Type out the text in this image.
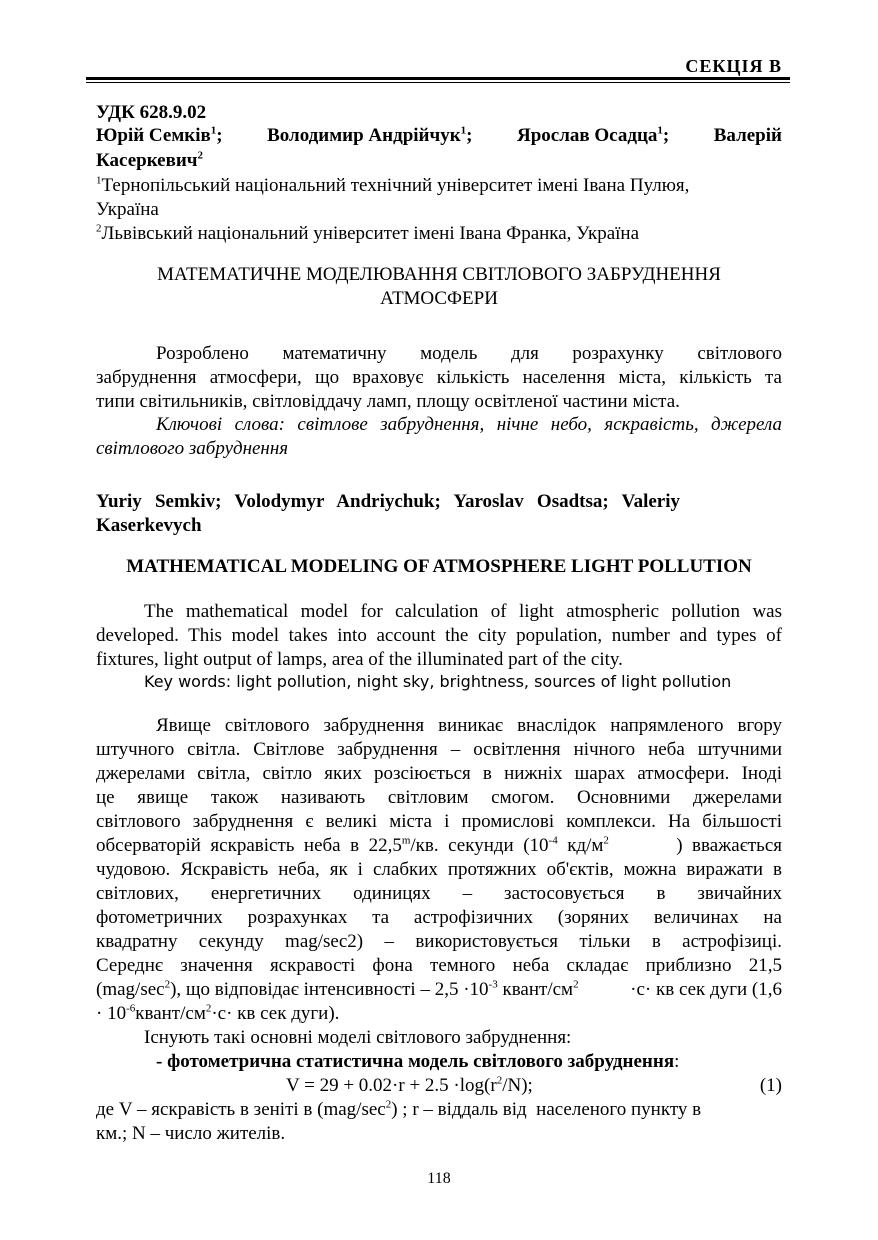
СЕКЦІЯ В
УДК 628.9.02
Юрій Семків$^1$; Володимир Андрійчук$^1$; Ярослав Осадца$^1$; Валерій
Касеркевич$^2$
$^1$Тернопільський національний технічний університет імені Івана Пулюя,
Україна
$^2$Львівський національний університет імені Івана Франка, Україна
МАТЕМАТИЧНЕ МОДЕЛЮВАННЯ СВІТЛОВОГО ЗАБРУДНЕННЯ
АТМОСФЕРИ
Розроблено математичну модель для розрахунку світлового
забруднення атмосфери, що враховує кількість населення міста, кількість та
типи світильників, світловіддачу ламп, площу освітленої частини міста.
Ключові слова: світлове забруднення, нічне небо, яскравість, джерела
світлового забруднення
Yuriy Semkiv; Volodymyr Andriychuk; Yaroslav Osadtsa; Valeriy
Kaserkevych
MATHEMATICAL MODELING OF ATMOSPHERE LIGHT POLLUTION
The mathematical model for calculation of light atmospheric pollution was
developed. This model takes into account the city population, number and types of
fixtures, light output of lamps, area of the illuminated part of the city.
Key words: light pollution, night sky, brightness, sources of light pollution
Явище світлового забруднення виникає внаслідок напрямленого вгору
штучного світла. Світлове забруднення – освітлення нічного неба штучними
джерелами світла, світло яких розсіюється в нижніх шарах атмосфери. Іноді
це явище також називають світловим смогом. Основними джерелами
світлового забруднення є великі міста і промислові комплекси. На більшості
обсерваторій  яскравість  неба  в  22,5$^m$/кв.  секунди  ($10^{-4}$  $кд/м^2$	)  вважається
чудовою. Яскравість неба, як і слабких протяжних об'єктів, можна виражати в
світлових, енергетичних одиницях – застосовується в звичайних
фотометричних розрахунках та астрофізичних (зоряних величинах на
квадратну секунду mag/sec2) – використовується тільки в астрофізиці.
Середнє значення яскравості фона темного неба складає приблизно 21,5
$(mag/\sec^2)$, що відповідає інтенсивності – $2,5 \cdot 10^{-3}$ квант/$см^2$	·с· кв сек дуги (1,6
· $10^{-6}квант/см^2\cdot с\cdot$ кв сек дуги).
Існують такі основні моделі світлового забруднення:
- фотометрична статистична модель світлового забруднення:
$V = 29 + 0.02\cdot r + 2.5 \cdot\log(r^2/N)$;	(1)
де V – яскравість в зеніті в $(mag/\sec^2)$ ; r – віддаль від  населеного пункту в
км.; N – число жителів.
118
